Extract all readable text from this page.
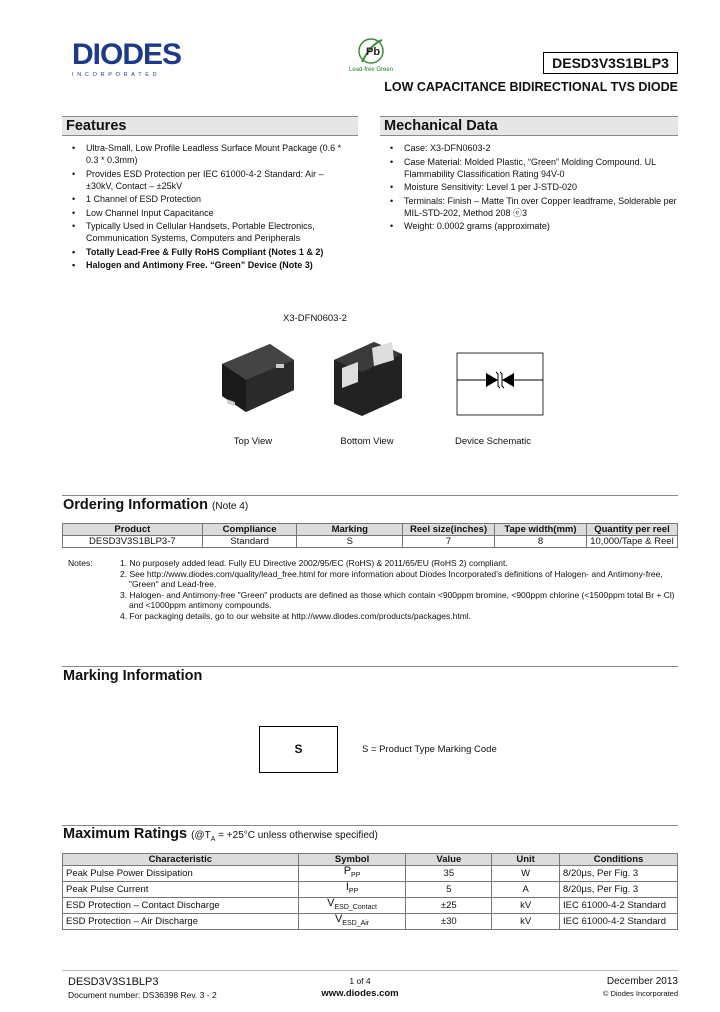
DIODES
INCORPORATED
Pb
Lead-free Green	DESD3V3S1BLP3
LOW CAPACITANCE BIDIRECTIONAL TVS DIODE
Features
• Ultra-Small, Low Profile Leadless Surface Mount Package (0.6 * 0.3 * 0.3mm)
• Provides ESD Protection per IEC 61000-4-2 Standard: Air – ±30kV, Contact – ±25kV
• 1 Channel of ESD Protection
• Low Channel Input Capacitance
• Typically Used in Cellular Handsets, Portable Electronics, Communication Systems, Computers and Peripherals
• Totally Lead-Free & Fully RoHS Compliant (Notes 1 & 2)
• Halogen and Antimony Free. “Green” Device (Note 3)
Mechanical Data
• Case: X3-DFN0603-2
• Case Material: Molded Plastic, “Green” Molding Compound. UL Flammability Classification Rating 94V-0
• Moisture Sensitivity: Level 1 per J-STD-020
• Terminals: Finish – Matte Tin over Copper leadframe, Solderable per MIL-STD-202, Method 208 ⓔ3
• Weight: 0.0002 grams (approximate)
X3-DFN0603-2
Top View	Bottom View	Device Schematic
Ordering Information (Note 4)
Product	Compliance	Marking	Reel size(inches)	Tape width(mm)	Quantity per reel
DESD3V3S1BLP3-7	Standard	S	7	8	10,000/Tape & Reel
Notes:	1. No purposely added lead. Fully EU Directive 2002/95/EC (RoHS) & 2011/65/EU (RoHS 2) compliant.
2. See http://www.diodes.com/quality/lead_free.html for more information about Diodes Incorporated’s definitions of Halogen- and Antimony-free, "Green" and Lead-free.
3. Halogen- and Antimony-free "Green" products are defined as those which contain <900ppm bromine, <900ppm chlorine (<1500ppm total Br + Cl) and <1000ppm antimony compounds.
4. For packaging details, go to our website at http://www.diodes.com/products/packages.html.
Marking Information
S	S = Product Type Marking Code
Maximum Ratings ($@T_A = +25^\circ C$ unless otherwise specified)
Characteristic	Symbol	Value	Unit	Conditions
Peak Pulse Power Dissipation	$P_{PP}$	35	W	8/20µs, Per Fig. 3
Peak Pulse Current	$I_{PP}$	5	A	8/20µs, Per Fig. 3
ESD Protection – Contact Discharge	$V_{ESD\_Contact}$	±25	kV	IEC 61000-4-2 Standard
ESD Protection – Air Discharge	$V_{ESD\_Air}$	±30	kV	IEC 61000-4-2 Standard
DESD3V3S1BLP3
Document number: DS36398 Rev. 3 - 2
1 of 4
www.diodes.com
December 2013
© Diodes Incorporated
